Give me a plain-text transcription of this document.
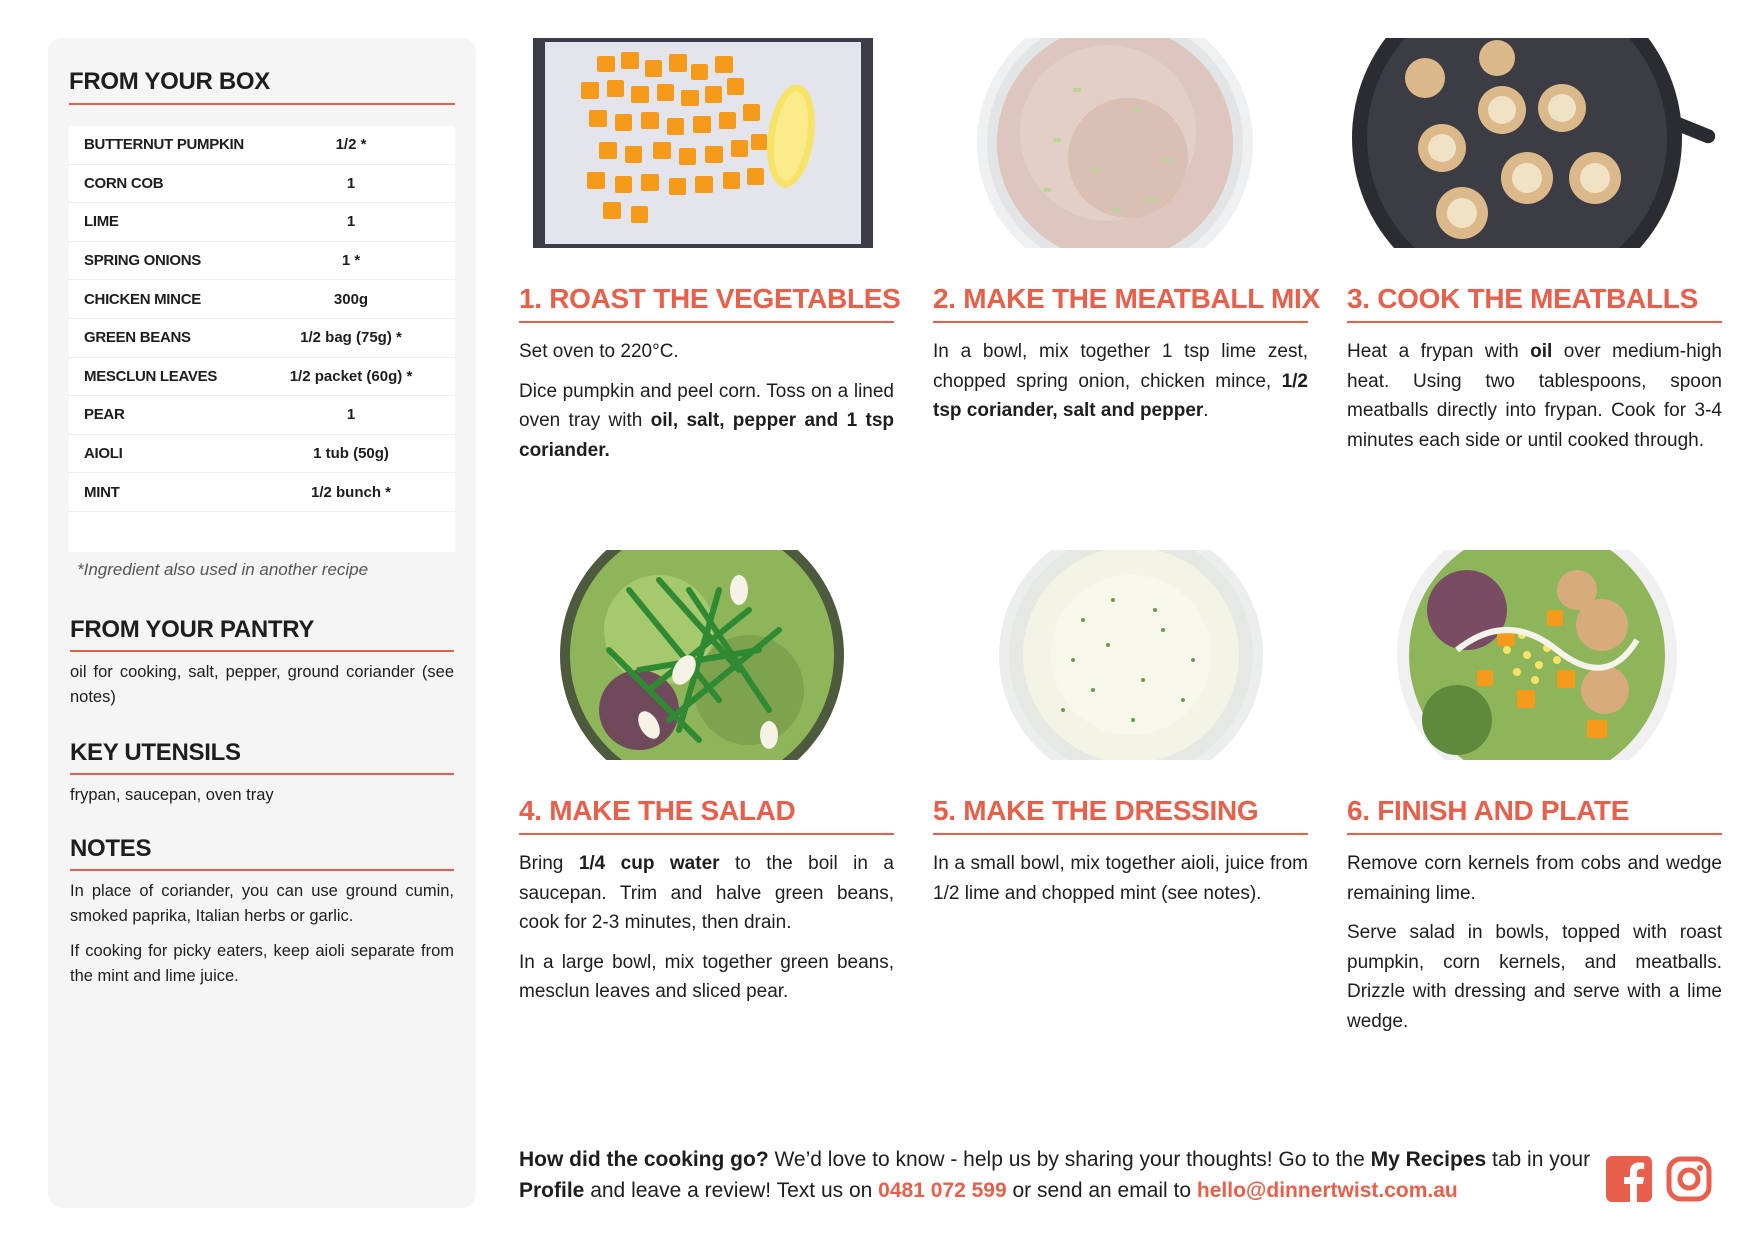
FROM YOUR BOX
BUTTERNUT PUMPKIN	1/2 *
CORN COB	1
LIME	1
SPRING ONIONS	1 *
CHICKEN MINCE	300g
GREEN BEANS	1/2 bag (75g) *
MESCLUN LEAVES	1/2 packet (60g) *
PEAR	1
AIOLI	1 tub (50g)
MINT	1/2 bunch *
*Ingredient also used in another recipe
FROM YOUR PANTRY
oil for cooking, salt, pepper, ground coriander (see notes)
KEY UTENSILS
frypan, saucepan, oven tray
NOTES
In place of coriander, you can use ground cumin, smoked paprika, Italian herbs or garlic.
If cooking for picky eaters, keep aioli separate from the mint and lime juice.
1. ROAST THE VEGETABLES

Set oven to 220°C.

Dice pumpkin and peel corn. Toss on a lined oven tray with oil, salt, pepper and 1 tsp coriander.

2. MAKE THE MEATBALL MIX

In a bowl, mix together 1 tsp lime zest, chopped spring onion, chicken mince, 1/2 tsp coriander, salt and pepper.

3. COOK THE MEATBALLS

Heat a frypan with oil over medium-high heat. Using two tablespoons, spoon meatballs directly into frypan. Cook for 3-4 minutes each side or until cooked through.

4. MAKE THE SALAD

Bring 1/4 cup water to the boil in a saucepan. Trim and halve green beans, cook for 2-3 minutes, then drain.

In a large bowl, mix together green beans, mesclun leaves and sliced pear.

5. MAKE THE DRESSING

In a small bowl, mix together aioli, juice from 1/2 lime and chopped mint (see notes).

6. FINISH AND PLATE

Remove corn kernels from cobs and wedge remaining lime.

Serve salad in bowls, topped with roast pumpkin, corn kernels, and meatballs. Drizzle with dressing and serve with a lime wedge.

How did the cooking go? We’d love to know - help us by sharing your thoughts! Go to the My Recipes tab in your Profile and leave a review! Text us on 0481 072 599 or send an email to hello@dinnertwist.com.au
